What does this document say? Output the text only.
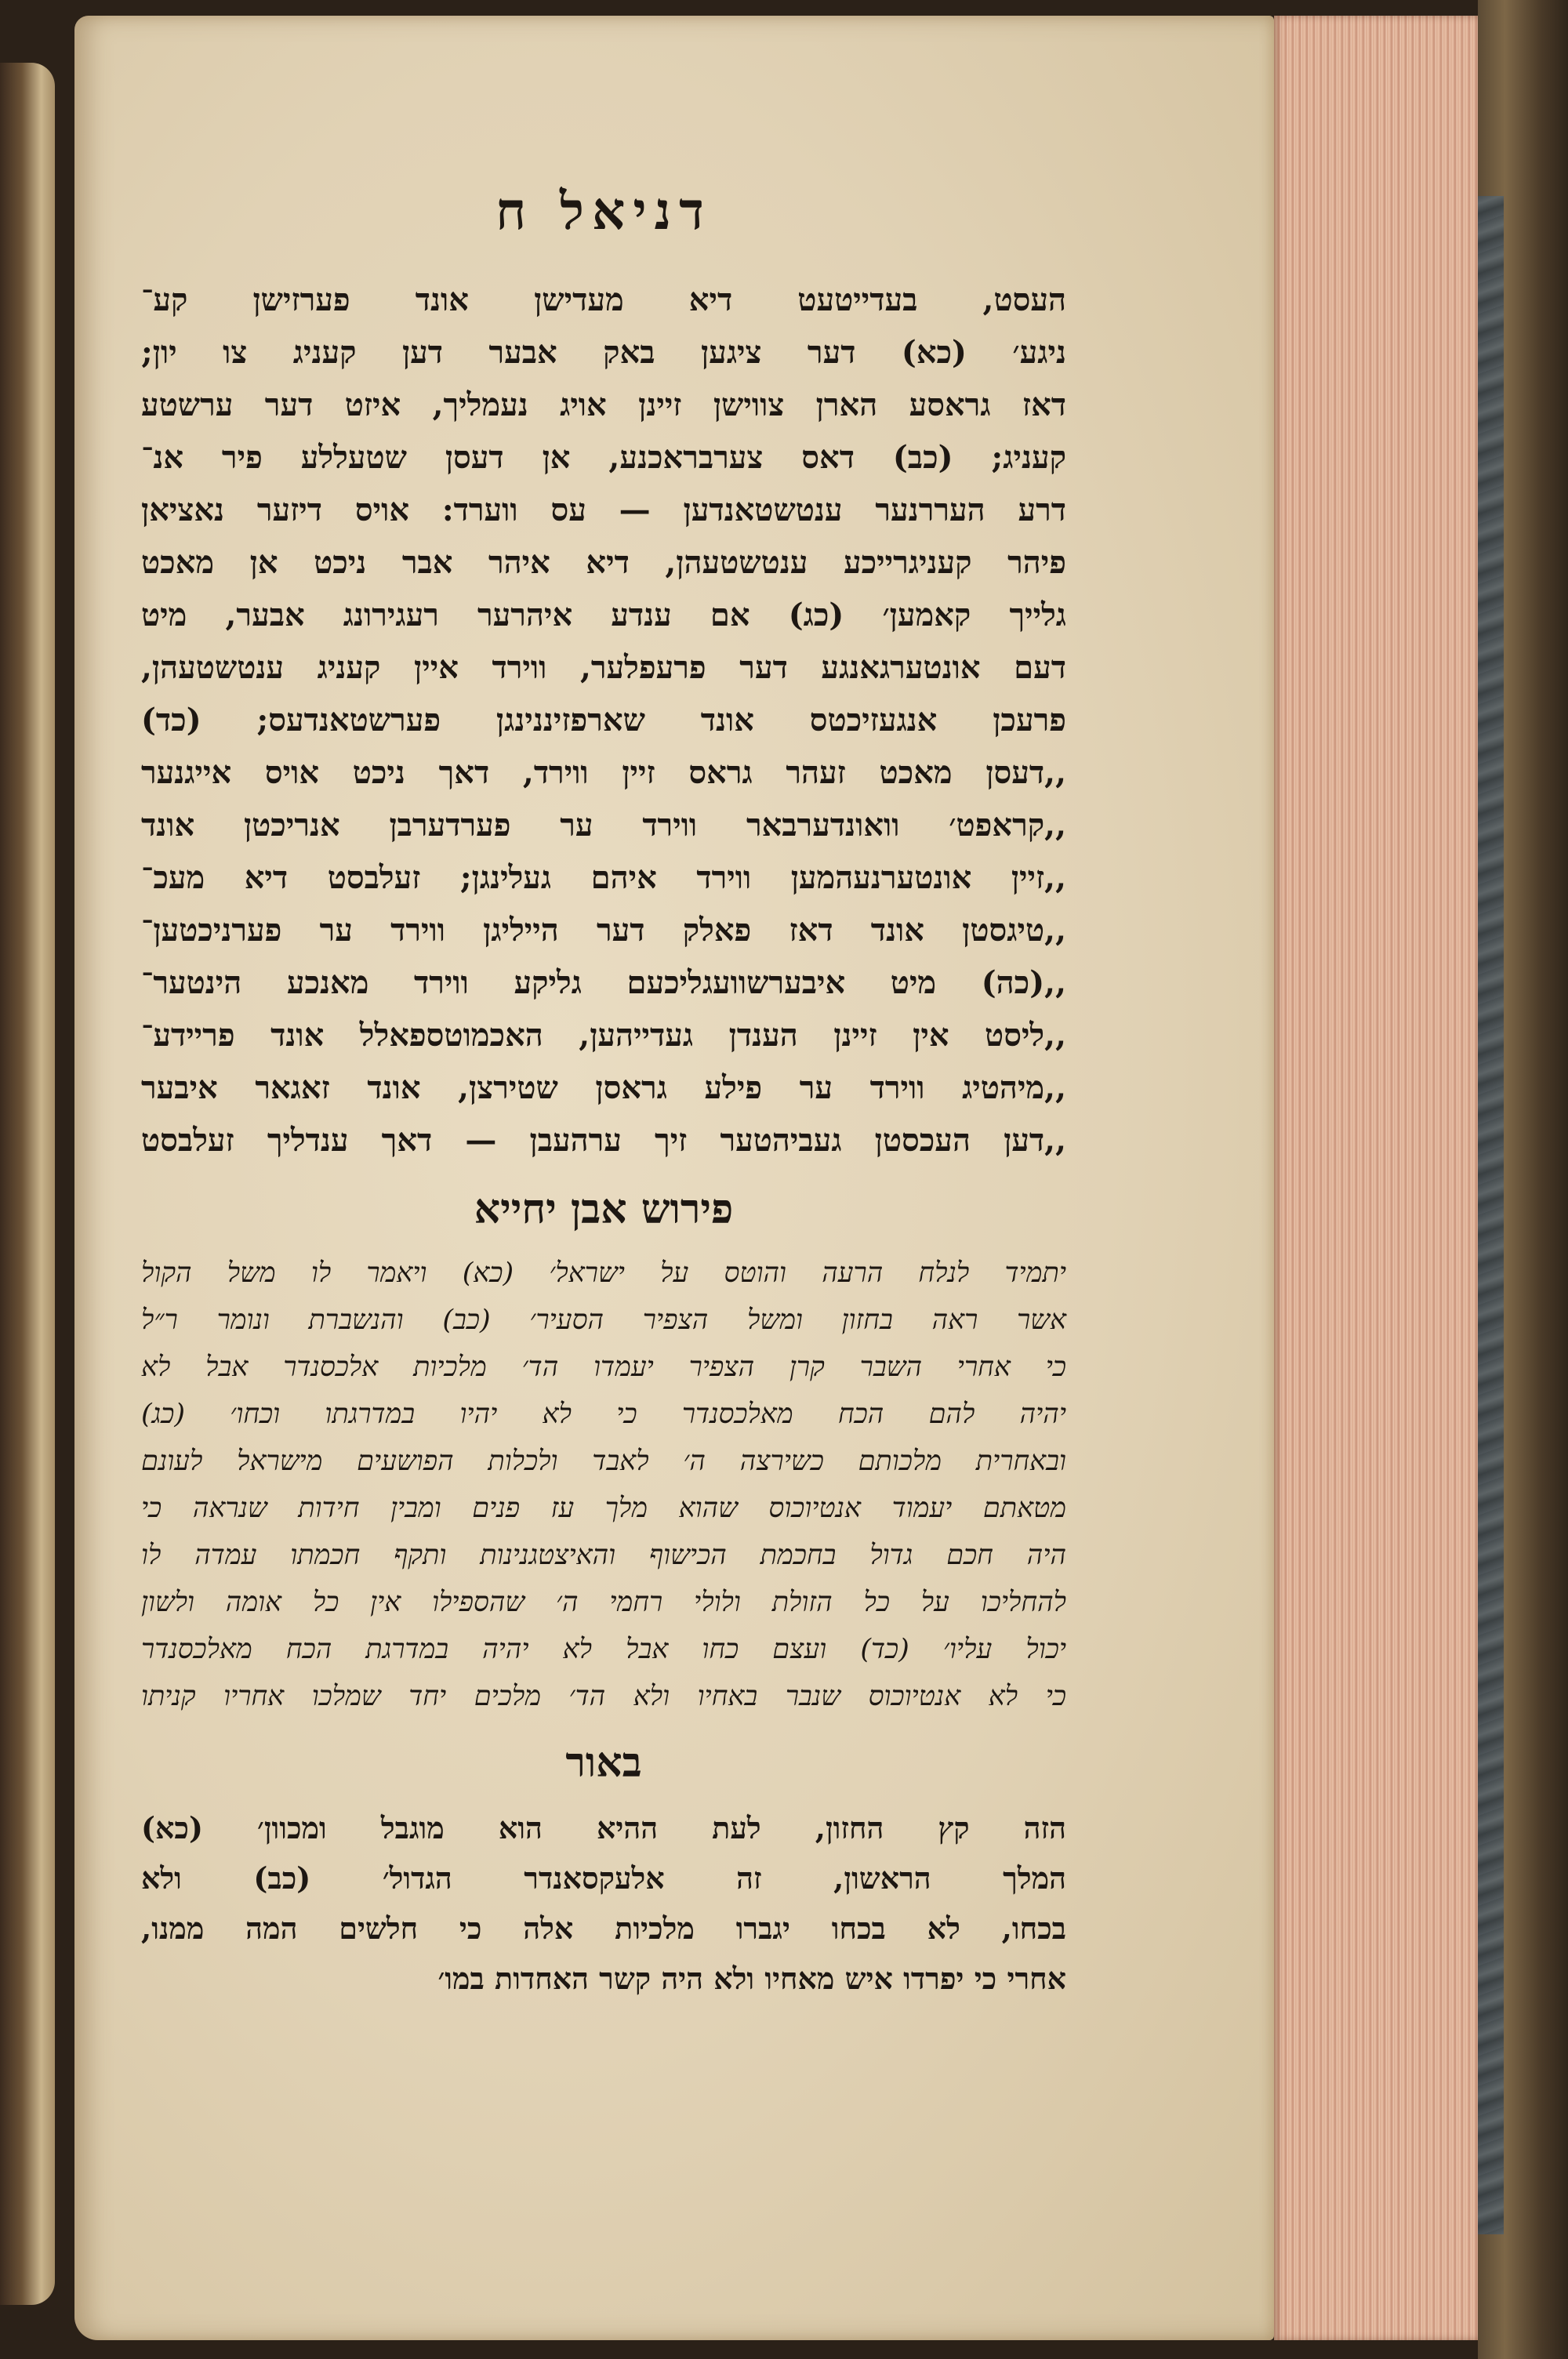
דניאל ח
העסט, בעדייטעט דיא מעדישן אונד פערזישן קע־
ניגע׳ (כא) דער ציגען באק אבער דען קעניג צו יון;
דאז גראסע הארן צווישן זיינן אויג נעמליך, איזט דער ערשטע
קעניג; (כב) דאס צערבראכנע, אן דעסן שטעללע פיר אנ־
דרע העררנער ענטשטאנדען — עס ווערד: אויס דיזער נאציאן
פיהר קעניגרייכע ענטשטעהן, דיא איהר אבר ניכט אן מאכט
גלייך קאמען׳ (כג) אם ענדע איהרער רעגירונג אבער, מיט
דעם אונטערגאנגע דער פרעפלער, ווירד איין קעניג ענטשטעהן,
פרעכן אנגעזיכטס אונד שארפזיננינגן פערשטאנדעס; (כד)
,,דעסן מאכט זעהר גראס זיין ווירד, דאך ניכט אויס אייגנער
,,קראפט׳ וואונדערבאר ווירד ער פערדערבן אנריכטן אונד
,,זיין אונטערנעהמען ווירד איהם געלינגן; זעלבסט דיא מעכ־
,,טיגסטן אונד דאז פאלק דער הייליגן ווירד ער פערניכטען־
,,(כה) מיט איבערשוועגליכעם גליקע ווירד מאנכע הינטער־
,,ליסט אין זיינן הענדן געדייהען, האכמוטספאלל אונד פריידע־
,,מיהטיג ווירד ער פילע גראסן שטירצן, אונד זאגאר איבער
,,דען העכסטן געביהטער זיך ערהעבן — דאך ענדליך זעלבסט
פירוש אבן יחייא
יתמיד לנלח הרעה והוטס על ישראל׳ (כא) ויאמר לו משל הקול
אשר ראה בחזון ומשל הצפיר הסעיר׳ (כב) והנשברת ונומר ר״ל
כי אחרי השבר קרן הצפיר יעמדו הד׳ מלכיות אלכסנדר אבל לא
יהיה להם הכח מאלכסנדר כי לא יהיו במדרגתו וכחו׳ (כג)
ובאחרית מלכותם כשירצה ה׳ לאבד ולכלות הפושעים מישראל לעונם
מטאתם יעמוד אנטיוכוס שהוא מלך עז פנים ומבין חידות שנראה כי
היה חכם גדול בחכמת הכישוף והאיצטגנינות ותקף חכמתו עמדה לו
להחליכו על כל הזולת ולולי רחמי ה׳ שהספילו אין כל אומה ולשון
יכול עליו׳ (כד) ועצם כחו אבל לא יהיה במדרגת הכח מאלכסנדר
כי לא אנטיוכוס שנבר באחיו ולא הד׳ מלכים יחד שמלכו אחריו קניתו
באור
הזה קץ החזון, לעת ההיא הוא מוגבל ומכוון׳ (כא)
המלך הראשון, זה אלעקסאנדר הגדול׳ (כב) ולא
בכחו, לא בכחו יגברו מלכיות אלה כי חלשים המה ממנו,
אחרי כי יפרדו איש מאחיו ולא היה קשר האחדות במו׳
